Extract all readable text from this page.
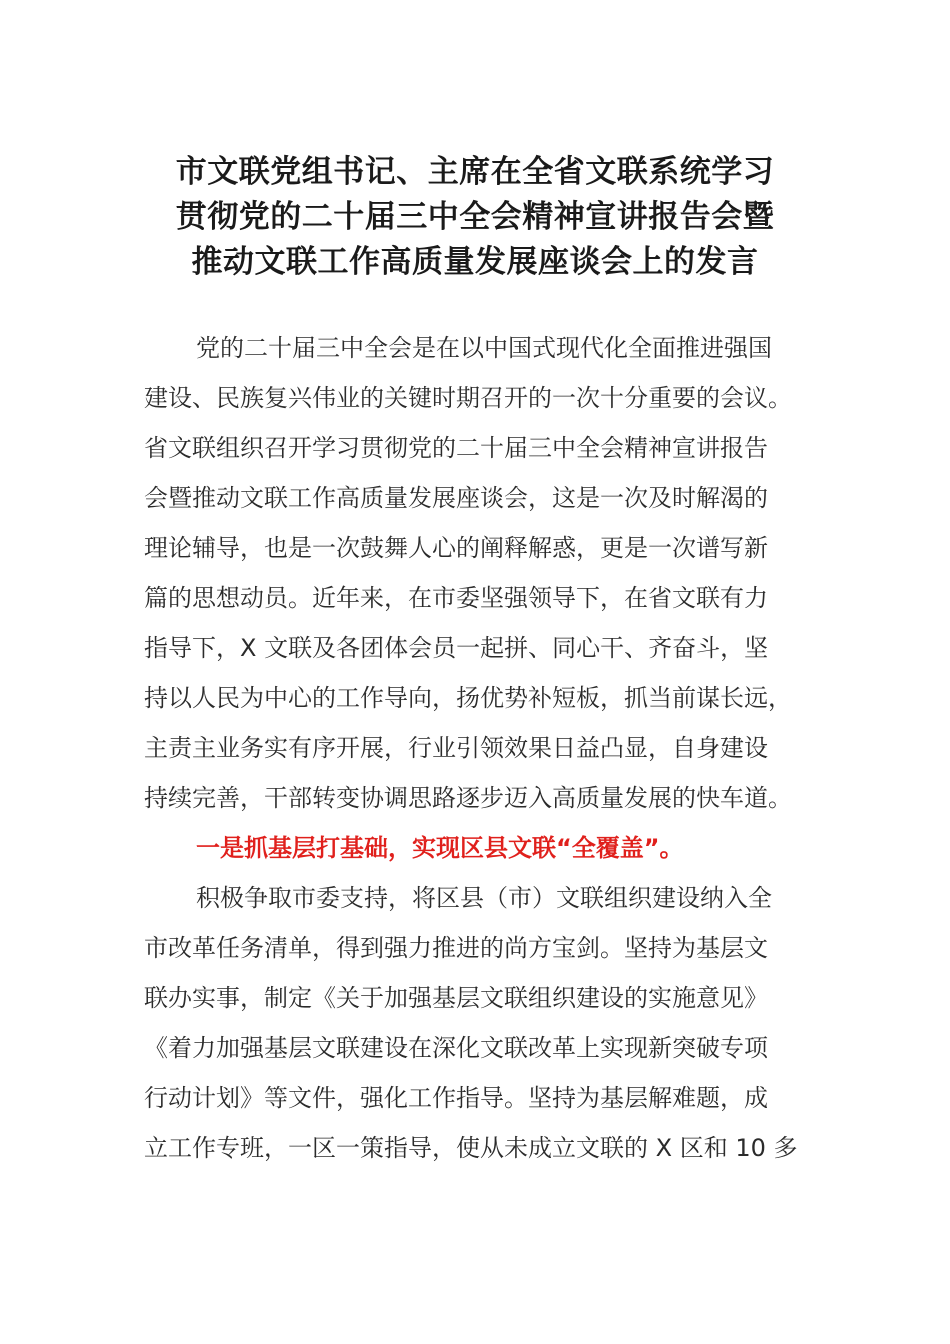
市文联党组书记、主席在全省文联系统学习
贯彻党的二十届三中全会精神宣讲报告会暨
推动文联工作高质量发展座谈会上的发言
党的二十届三中全会是在以中国式现代化全面推进强国
建设、民族复兴伟业的关键时期召开的一次十分重要的会议。
省文联组织召开学习贯彻党的二十届三中全会精神宣讲报告
会暨推动文联工作高质量发展座谈会，这是一次及时解渴的
理论辅导，也是一次鼓舞人心的阐释解惑，更是一次谱写新
篇的思想动员。近年来，在市委坚强领导下，在省文联有力
指导下，X 文联及各团体会员一起拼、同心干、齐奋斗，坚
持以人民为中心的工作导向，扬优势补短板，抓当前谋长远，
主责主业务实有序开展，行业引领效果日益凸显，自身建设
持续完善，干部转变协调思路逐步迈入高质量发展的快车道。
一是抓基层打基础，实现区县文联“全覆盖”。
积极争取市委支持，将区县（市）文联组织建设纳入全
市改革任务清单，得到强力推进的尚方宝剑。坚持为基层文
联办实事，制定《关于加强基层文联组织建设的实施意见》
《着力加强基层文联建设在深化文联改革上实现新突破专项
行动计划》等文件，强化工作指导。坚持为基层解难题，成
立工作专班，一区一策指导，使从未成立文联的 X 区和 10 多
